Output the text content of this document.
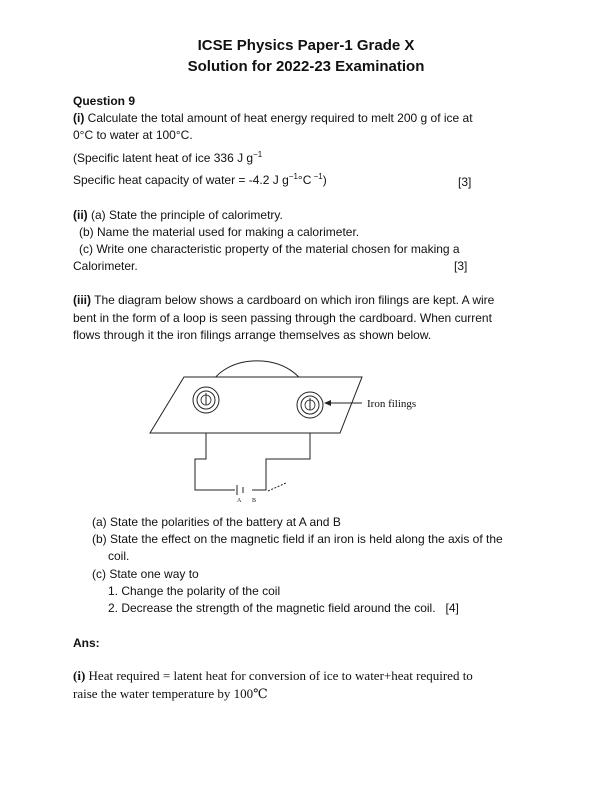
ICSE Physics Paper-1 Grade X
Solution for 2022-23 Examination
Question 9
(i) Calculate the total amount of heat energy required to melt 200 g of ice at
0°C to water at 100°C.
(Specific latent heat of ice 336 J $g^{-1}$
Specific heat capacity of water = -4.2 J $g^{-1}^\circ C$ $^{-1}$)	[3]
(ii) (a) State the principle of calorimetry.
(b) Name the material used for making a calorimeter.
(c) Write one characteristic property of the material chosen for making a
Calorimeter.	[3]
(iii) The diagram below shows a cardboard on which iron filings are kept. A wire
bent in the form of a loop is seen passing through the cardboard. When current
flows through it the iron filings arrange themselves as shown below.
Iron filings
A B
(a) State the polarities of the battery at A and B
(b) State the effect on the magnetic field if an iron is held along the axis of the
coil.
(c) State one way to
1. Change the polarity of the coil
2. Decrease the strength of the magnetic field around the coil. [4]
Ans:
(i) Heat required = latent heat for conversion of ice to water+heat required to
raise the water temperature by 100℃
